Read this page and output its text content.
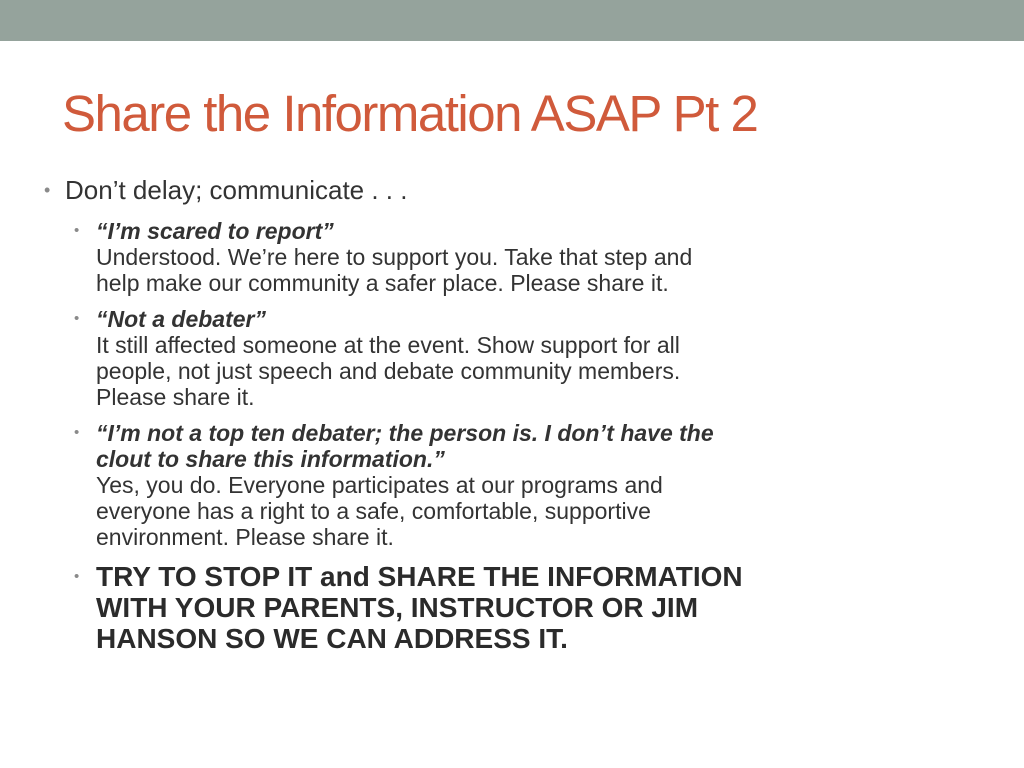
Share the Information ASAP Pt 2
• Don’t delay; communicate . . .
• “I’m scared to report”
Understood. We’re here to support you. Take that step and
help make our community a safer place. Please share it.
• “Not a debater”
It still affected someone at the event. Show support for all
people, not just speech and debate community members.
Please share it.
• “I’m not a top ten debater; the person is. I don’t have the
clout to share this information.”
Yes, you do. Everyone participates at our programs and
everyone has a right to a safe, comfortable, supportive
environment. Please share it.
• TRY TO STOP IT and SHARE THE INFORMATION
WITH YOUR PARENTS, INSTRUCTOR OR JIM
HANSON SO WE CAN ADDRESS IT.
